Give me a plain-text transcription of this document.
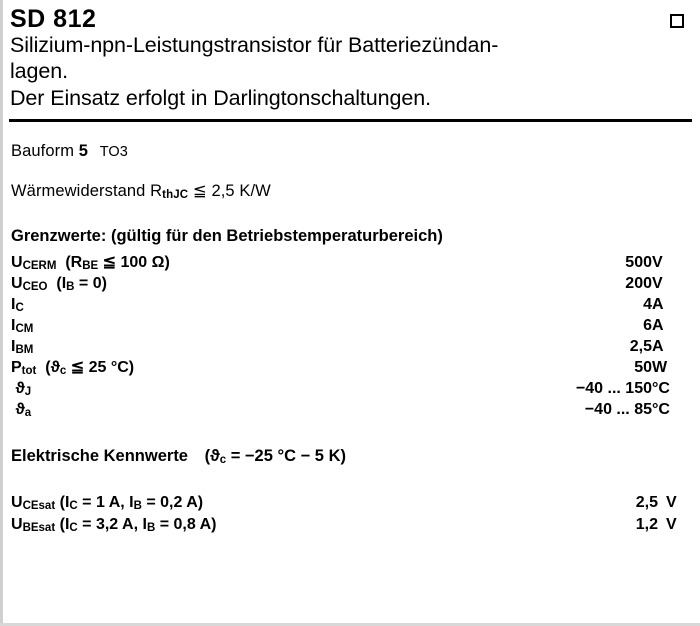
SD 812
Silizium-npn-Leistungstransistor für Batteriezündan-
lagen.
Der Einsatz erfolgt in Darlingtonschaltungen.
Bauform 5 TO3
Wärmewiderstand RthJC ≦ 2,5 K/W
Grenzwerte: (gültig für den Betriebstemperaturbereich)
UCERM (RBE ≦ 100 Ω)	500	V
UCEO (IB = 0)	200	V
IC	4	A
ICM	6	A
IBM	2,5	A
Ptot (ϑc ≦ 25 °C)	50	W
ϑJ	−40 ... 150	°C
ϑa	−40 ... 85	°C
Elektrische Kennwerte (ϑc = −25 °C − 5 K)
UCEsat (IC = 1 A, IB = 0,2 A)	2,5	V
UBEsat (IC = 3,2 A, IB = 0,8 A)	1,2	V
